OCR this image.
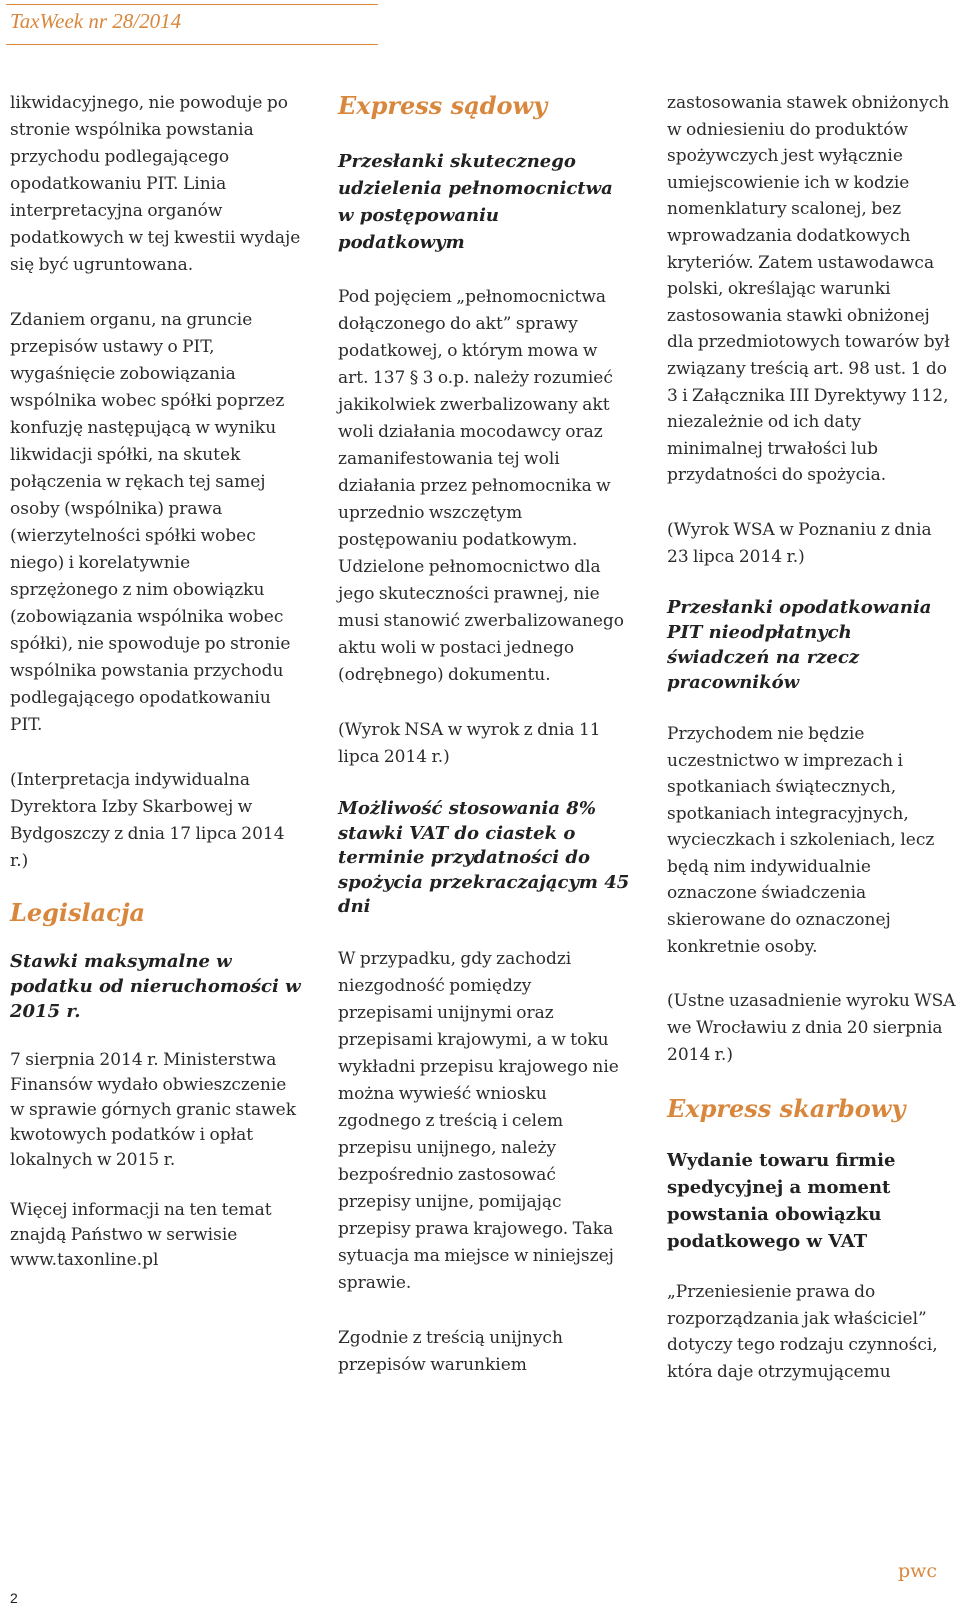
TaxWeek nr 28/2014

likwidacyjnego, nie powoduje po stronie wspólnika powstania przychodu podlegającego opodatkowaniu PIT. Linia interpretacyjna organów podatkowych w tej kwestii wydaje się być ugruntowana.

Zdaniem organu, na gruncie przepisów ustawy o PIT, wygaśnięcie zobowiązania wspólnika wobec spółki poprzez konfuzję następującą w wyniku likwidacji spółki, na skutek połączenia w rękach tej samej osoby (wspólnika) prawa (wierzytelności spółki wobec niego) i korelatywnie sprzężonego z nim obowiązku (zobowiązania wspólnika wobec spółki), nie spowoduje po stronie wspólnika powstania przychodu podlegającego opodatkowaniu PIT.

(Interpretacja indywidualna Dyrektora Izby Skarbowej w Bydgoszczy z dnia 17 lipca 2014 r.)

Legislacja
Stawki maksymalne w podatku od nieruchomości w 2015 r.

7 sierpnia 2014 r. Ministerstwa Finansów wydało obwieszczenie w sprawie górnych granic stawek kwotowych podatków i opłat lokalnych w 2015 r.

Więcej informacji na ten temat znajdą Państwo w serwisie www.taxonline.pl

Express sądowy
Przesłanki skutecznego udzielenia pełnomocnictwa w postępowaniu podatkowym

Pod pojęciem „pełnomocnictwa dołączonego do akt” sprawy podatkowej, o którym mowa w art. 137 § 3 o.p. należy rozumieć jakikolwiek zwerbalizowany akt woli działania mocodawcy oraz zamanifestowania tej woli działania przez pełnomocnika w uprzednio wszczętym postępowaniu podatkowym. Udzielone pełnomocnictwo dla jego skuteczności prawnej, nie musi stanowić zwerbalizowanego aktu woli w postaci jednego (odrębnego) dokumentu.

(Wyrok NSA w wyrok z dnia 11 lipca 2014 r.)

Możliwość stosowania 8% stawki VAT do ciastek o terminie przydatności do spożycia przekraczającym 45 dni

W przypadku, gdy zachodzi niezgodność pomiędzy przepisami unijnymi oraz przepisami krajowymi, a w toku wykładni przepisu krajowego nie można wywieść wniosku zgodnego z treścią i celem przepisu unijnego, należy bezpośrednio zastosować przepisy unijne, pomijając przepisy prawa krajowego. Taka sytuacja ma miejsce w niniejszej sprawie.

Zgodnie z treścią unijnych przepisów warunkiem

zastosowania stawek obniżonych w odniesieniu do produktów spożywczych jest wyłącznie umiejscowienie ich w kodzie nomenklatury scalonej, bez wprowadzania dodatkowych kryteriów. Zatem ustawodawca polski, określając warunki zastosowania stawki obniżonej dla przedmiotowych towarów był związany treścią art. 98 ust. 1 do 3 i Załącznika III Dyrektywy 112, niezależnie od ich daty minimalnej trwałości lub przydatności do spożycia.

(Wyrok WSA w Poznaniu z dnia 23 lipca 2014 r.)

Przesłanki opodatkowania PIT nieodpłatnych świadczeń na rzecz pracowników

Przychodem nie będzie uczestnictwo w imprezach i spotkaniach świątecznych, spotkaniach integracyjnych, wycieczkach i szkoleniach, lecz będą nim indywidualnie oznaczone świadczenia skierowane do oznaczonej konkretnie osoby.

(Ustne uzasadnienie wyroku WSA we Wrocławiu z dnia 20 sierpnia 2014 r.)

Express skarbowy
Wydanie towaru firmie spedycyjnej a moment powstania obowiązku podatkowego w VAT

„Przeniesienie prawa do rozporządzania jak właściciel” dotyczy tego rodzaju czynności, która daje otrzymującemu

2
pwc
